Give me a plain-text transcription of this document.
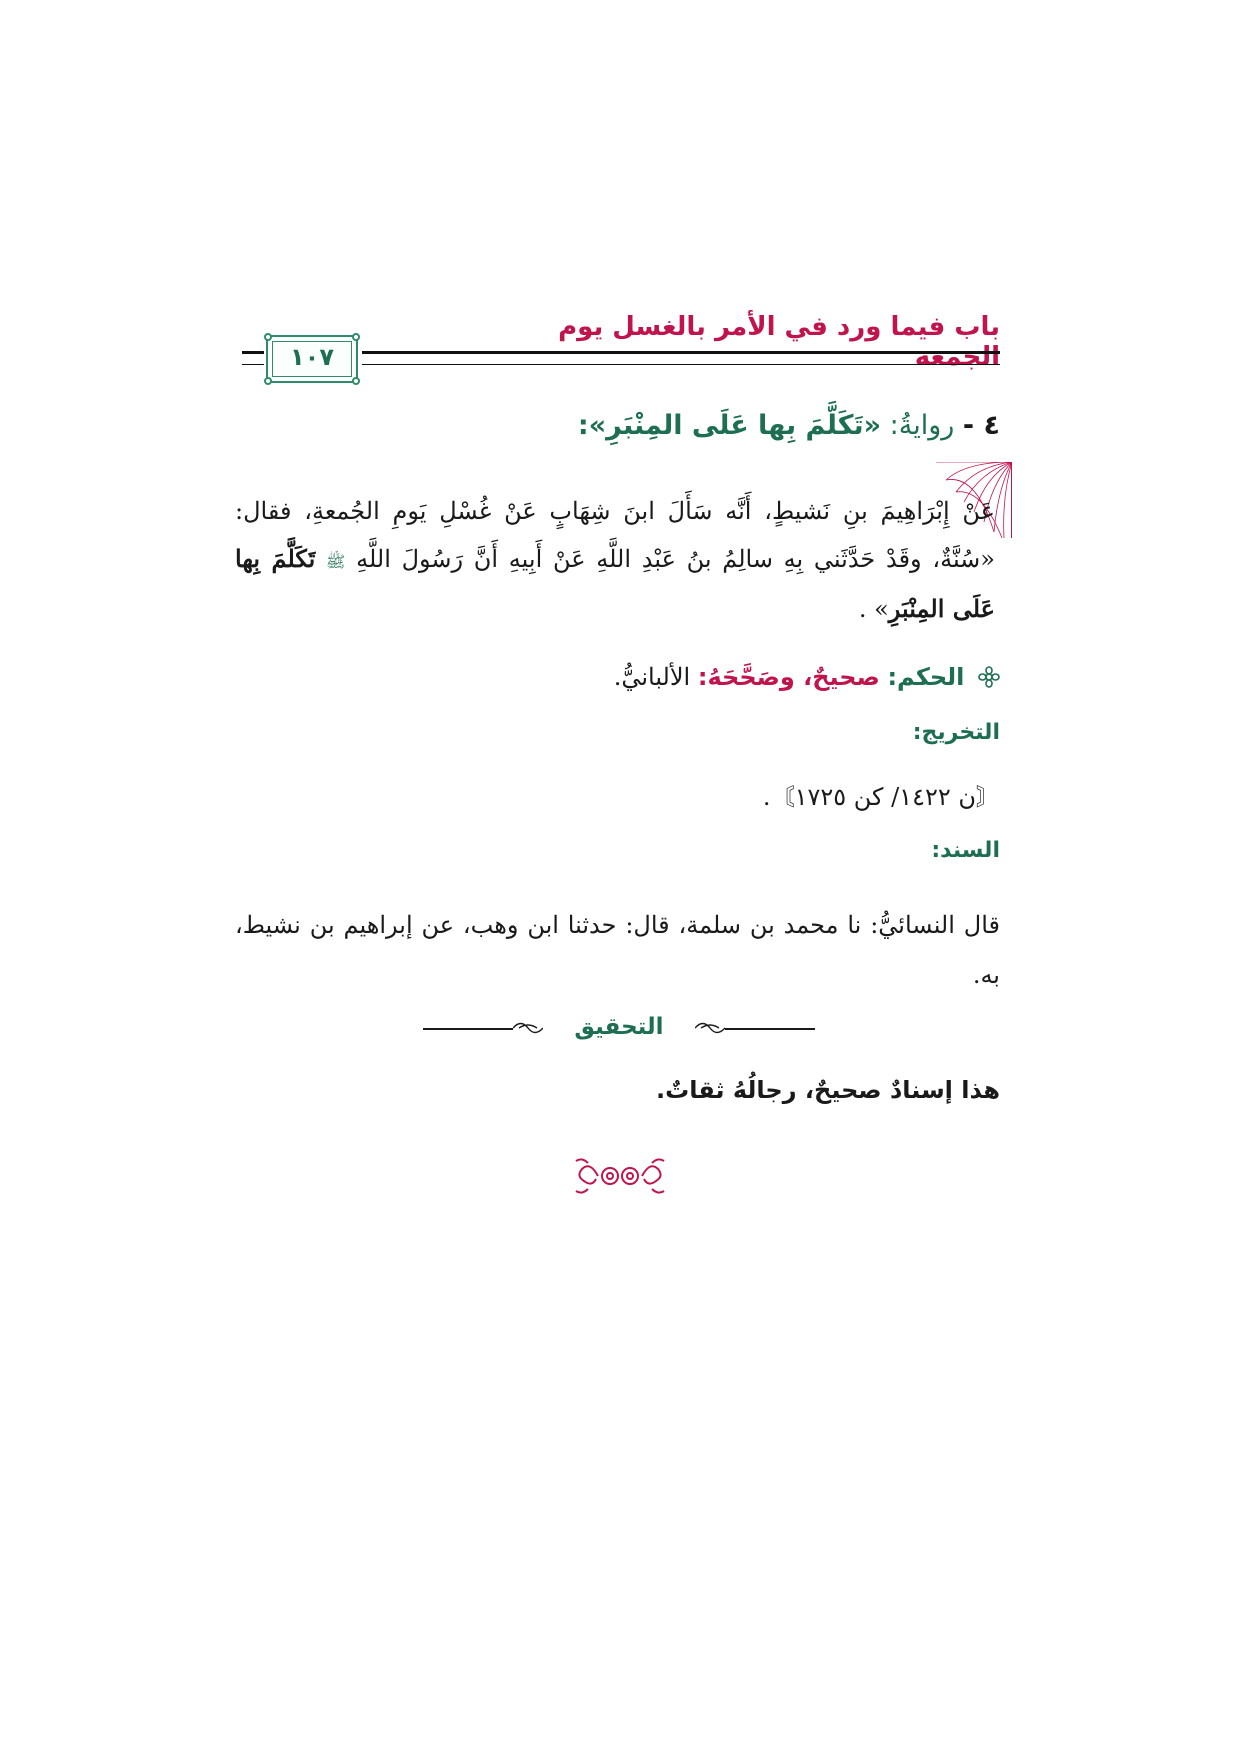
باب فيما ورد في الأمر بالغسل يوم الجمعة
١٠٧
٤ - روايةُ: «تَكَلَّمَ بِها عَلَى المِنْبَرِ»:
عَنْ إِبْرَاهِيمَ بنِ نَشيطٍ، أَنَّه سَأَلَ ابنَ شِهَابٍ عَنْ غُسْلِ يَومِ الجُمعةِ، فقال: «سُنَّةٌ، وقَدْ حَدَّثَني بِهِ سالِمُ بنُ عَبْدِ اللَّهِ عَنْ أَبِيهِ أَنَّ رَسُولَ اللَّهِ ﷺ تَكَلَّمَ بِها عَلَى المِنْبَرِ» .
الحكم: صحيحٌ، وصَحَّحَهُ: الألبانيُّ.
التخريج:
〘ن ١٤٢٢/ كن ١٧٢٥〙.
السند:
قال النسائيُّ: نا محمد بن سلمة، قال: حدثنا ابن وهب، عن إبراهيم بن نشيط، به.
التحقيق
هذا إسنادٌ صحيحٌ، رجالُهُ ثقاتٌ.
